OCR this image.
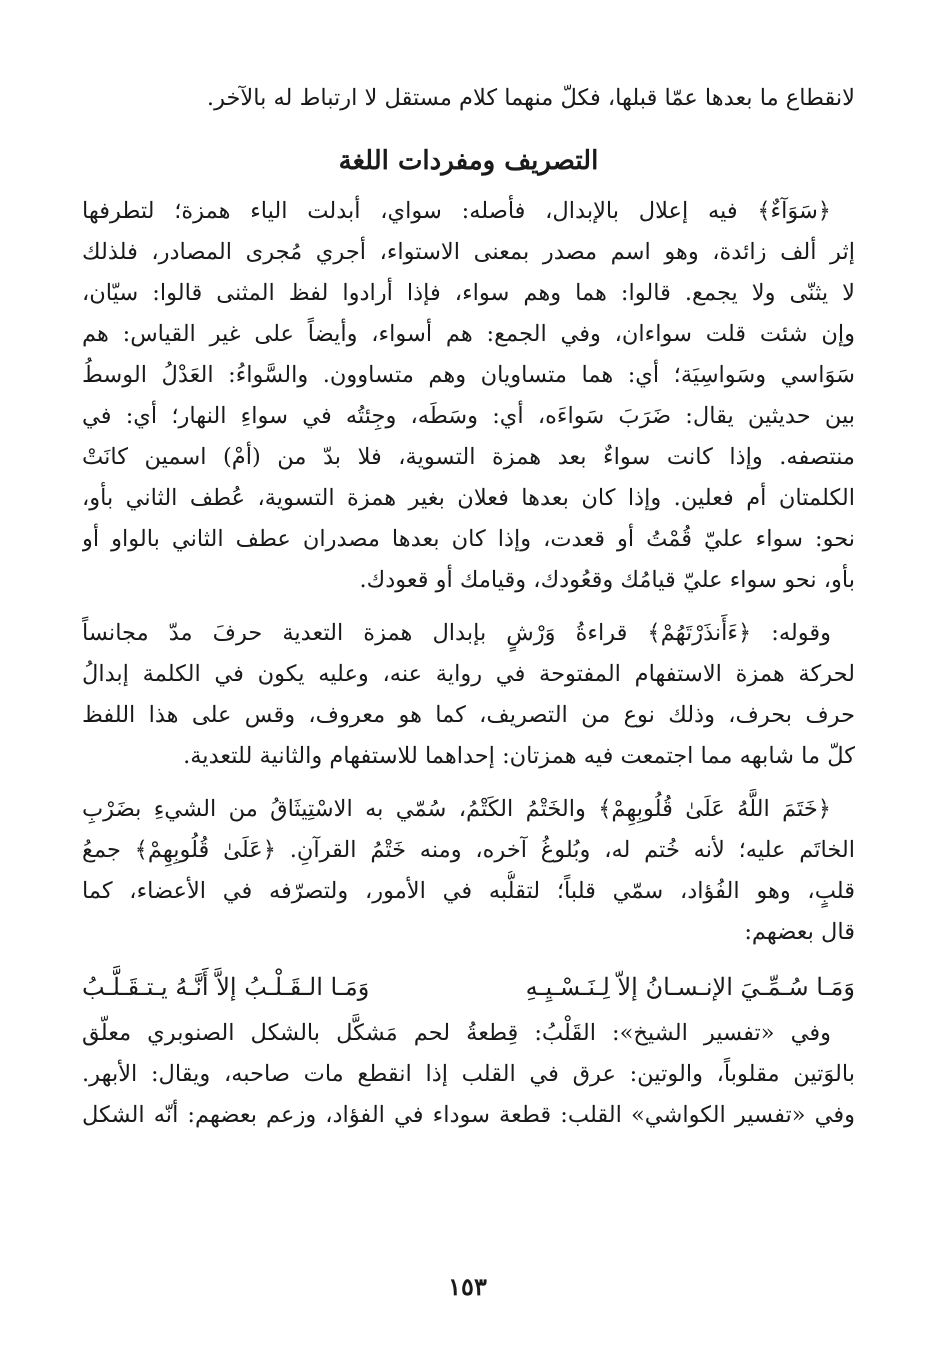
لانقطاع ما بعدها عمّا قبلها، فكلّ منهما كلام مستقل لا ارتباط له بالآخر.
التصريف ومفردات اللغة
﴿سَوَآءٌ﴾ فيه إعلال بالإبدال، فأصله: سواي، أبدلت الياء همزة؛ لتطرفها
إثر ألف زائدة، وهو اسم مصدر بمعنى الاستواء، أجري مُجرى المصادر، فلذلك
لا يثنّى ولا يجمع. قالوا: هما وهم سواء، فإذا أرادوا لفظ المثنى قالوا: سيّان،
وإن شئت قلت سواءان، وفي الجمع: هم أسواء، وأيضاً على غير القياس: هم
سَوَاسي وسَواسِيَة؛ أي: هما متساويان وهم متساوون. والسَّواءُ: العَدْلُ الوسطُ
بين حديثين يقال: ضَرَبَ سَواءَه، أي: وسَطَه، وجِئتُه في سواءِ النهار؛ أي: في
منتصفه. وإذا كانت سواءٌ بعد همزة التسوية، فلا بدّ من (أمْ) اسمين كانَتْ
الكلمتان أم فعلين. وإذا كان بعدها فعلان بغير همزة التسوية، عُطف الثاني بأو،
نحو: سواء عليّ قُمْتُ أو قعدت، وإذا كان بعدها مصدران عطف الثاني بالواو أو
بأو، نحو سواء عليّ قيامُك وقعُودك، وقيامك أو قعودك.
وقوله: ﴿ءَأَنذَرْتَهُمْ﴾ قراءةُ وَرْشٍ بإبدال همزة التعدية حرفَ مدّ مجانساً
لحركة همزة الاستفهام المفتوحة في رواية عنه، وعليه يكون في الكلمة إبدالُ
حرف بحرف، وذلك نوع من التصريف، كما هو معروف، وقس على هذا اللفظ
كلّ ما شابهه مما اجتمعت فيه همزتان: إحداهما للاستفهام والثانية للتعدية.
﴿خَتَمَ اللَّهُ عَلَىٰ قُلُوبِهِمْ﴾ والخَتْمُ الكَتْمُ، سُمّي به الاسْتِيثَاقُ من الشيءِ بضَرْبِ
الخاتَم عليه؛ لأنه خُتم له، وبُلوغُ آخره، ومنه خَتْمُ القرآنِ. ﴿عَلَىٰ قُلُوبِهِمْ﴾ جمعُ
قلبٍ، وهو الفُؤاد، سمّي قلباً؛ لتقلُّبه في الأمور، ولتصرّفه في الأعضاء، كما
قال بعضهم:
وَمَـا سُـمِّـيَ الإنـسـانُ إلاّ لِـنَـسْـيِـهِ
وَمَـا الـقَـلْـبُ إلاَّ أَنَّـهُ يـتـقَـلَّـبُ
وفي «تفسير الشيخ»: القَلْبُ: قِطعةُ لحم مَشكَّل بالشكل الصنوبري معلّق
بالوَتين مقلوباً، والوتين: عرق في القلب إذا انقطع مات صاحبه، ويقال: الأبهر.
وفي «تفسير الكواشي» القلب: قطعة سوداء في الفؤاد، وزعم بعضهم: أنّه الشكل
١٥٣
